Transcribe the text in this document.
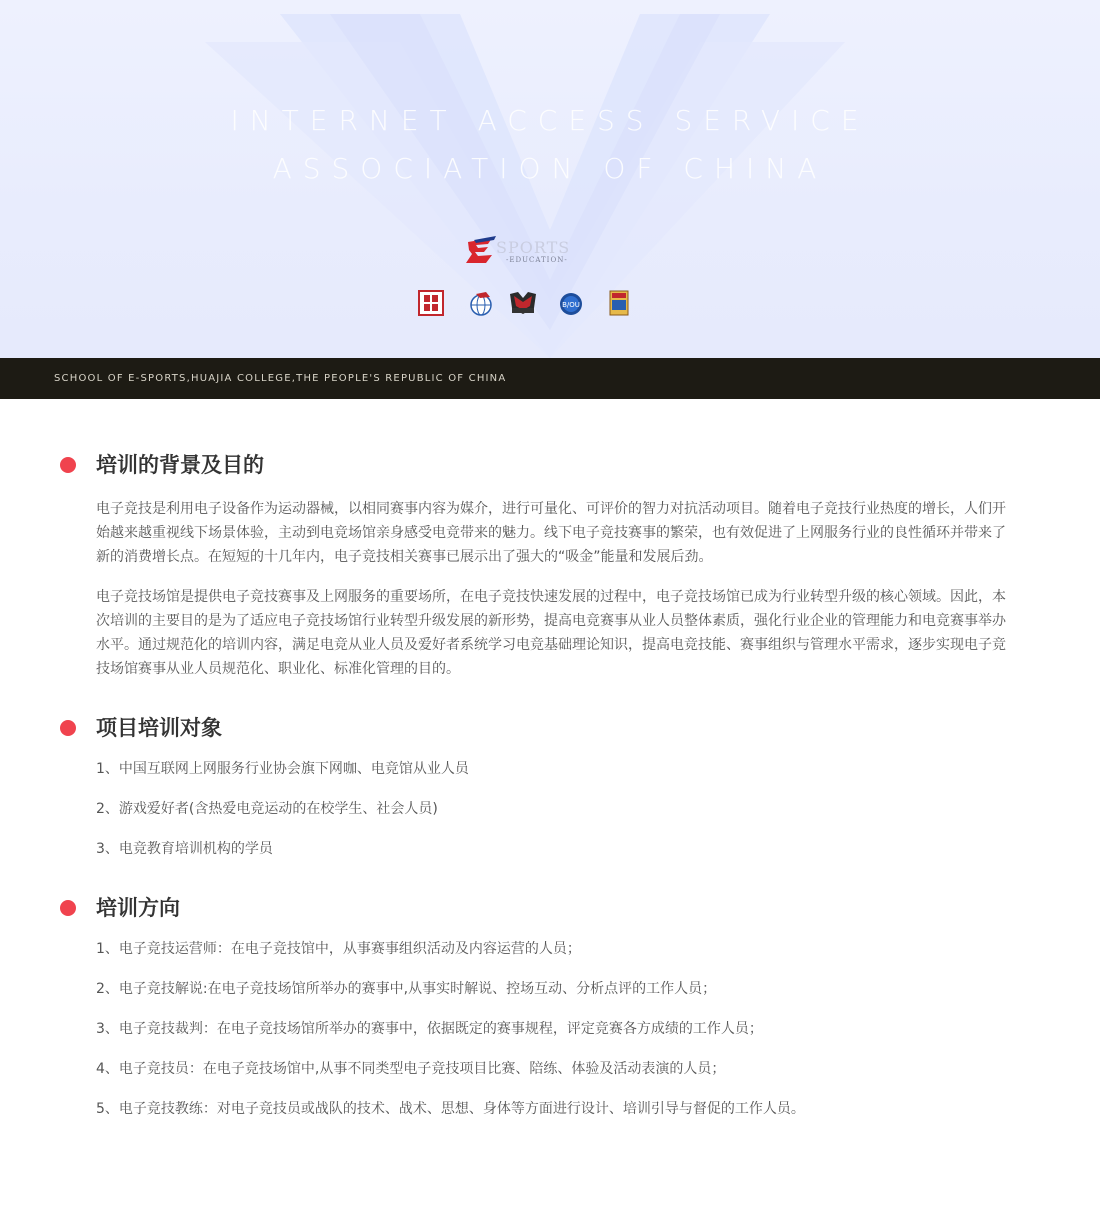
INTERNET ACCESS SERVICE
ASSOCIATION OF CHINA
SPORTS
-EDUCATION-
B/OU
SCHOOL OF E-SPORTS,HUAJIA COLLEGE,THE PEOPLE'S REPUBLIC OF CHINA
培训的背景及目的

电子竞技是利用电子设备作为运动器械，以相同赛事内容为媒介，进行可量化、可评价的智力对抗活动项目。随着电子竞技行业热度的增长，人们开始越来越重视线下场景体验，主动到电竞场馆亲身感受电竞带来的魅力。线下电子竞技赛事的繁荣，也有效促进了上网服务行业的良性循环并带来了新的消费增长点。在短短的十几年内，电子竞技相关赛事已展示出了强大的“吸金”能量和发展后劲。

电子竞技场馆是提供电子竞技赛事及上网服务的重要场所，在电子竞技快速发展的过程中，电子竞技场馆已成为行业转型升级的核心领域。因此，本次培训的主要目的是为了适应电子竞技场馆行业转型升级发展的新形势，提高电竞赛事从业人员整体素质，强化行业企业的管理能力和电竞赛事举办水平。通过规范化的培训内容，满足电竞从业人员及爱好者系统学习电竞基础理论知识，提高电竞技能、赛事组织与管理水平需求，逐步实现电子竞技场馆赛事从业人员规范化、职业化、标准化管理的目的。

项目培训对象
1、中国互联网上网服务行业协会旗下网咖、电竞馆从业人员
2、游戏爱好者(含热爱电竞运动的在校学生、社会人员)
3、电竞教育培训机构的学员
培训方向
1、电子竞技运营师：在电子竞技馆中，从事赛事组织活动及内容运营的人员；
2、电子竞技解说:在电子竞技场馆所举办的赛事中,从事实时解说、控场互动、分析点评的工作人员；
3、电子竞技裁判：在电子竞技场馆所举办的赛事中，依据既定的赛事规程，评定竞赛各方成绩的工作人员；
4、电子竞技员：在电子竞技场馆中,从事不同类型电子竞技项目比赛、陪练、体验及活动表演的人员；
5、电子竞技教练：对电子竞技员或战队的技术、战术、思想、身体等方面进行设计、培训引导与督促的工作人员。
